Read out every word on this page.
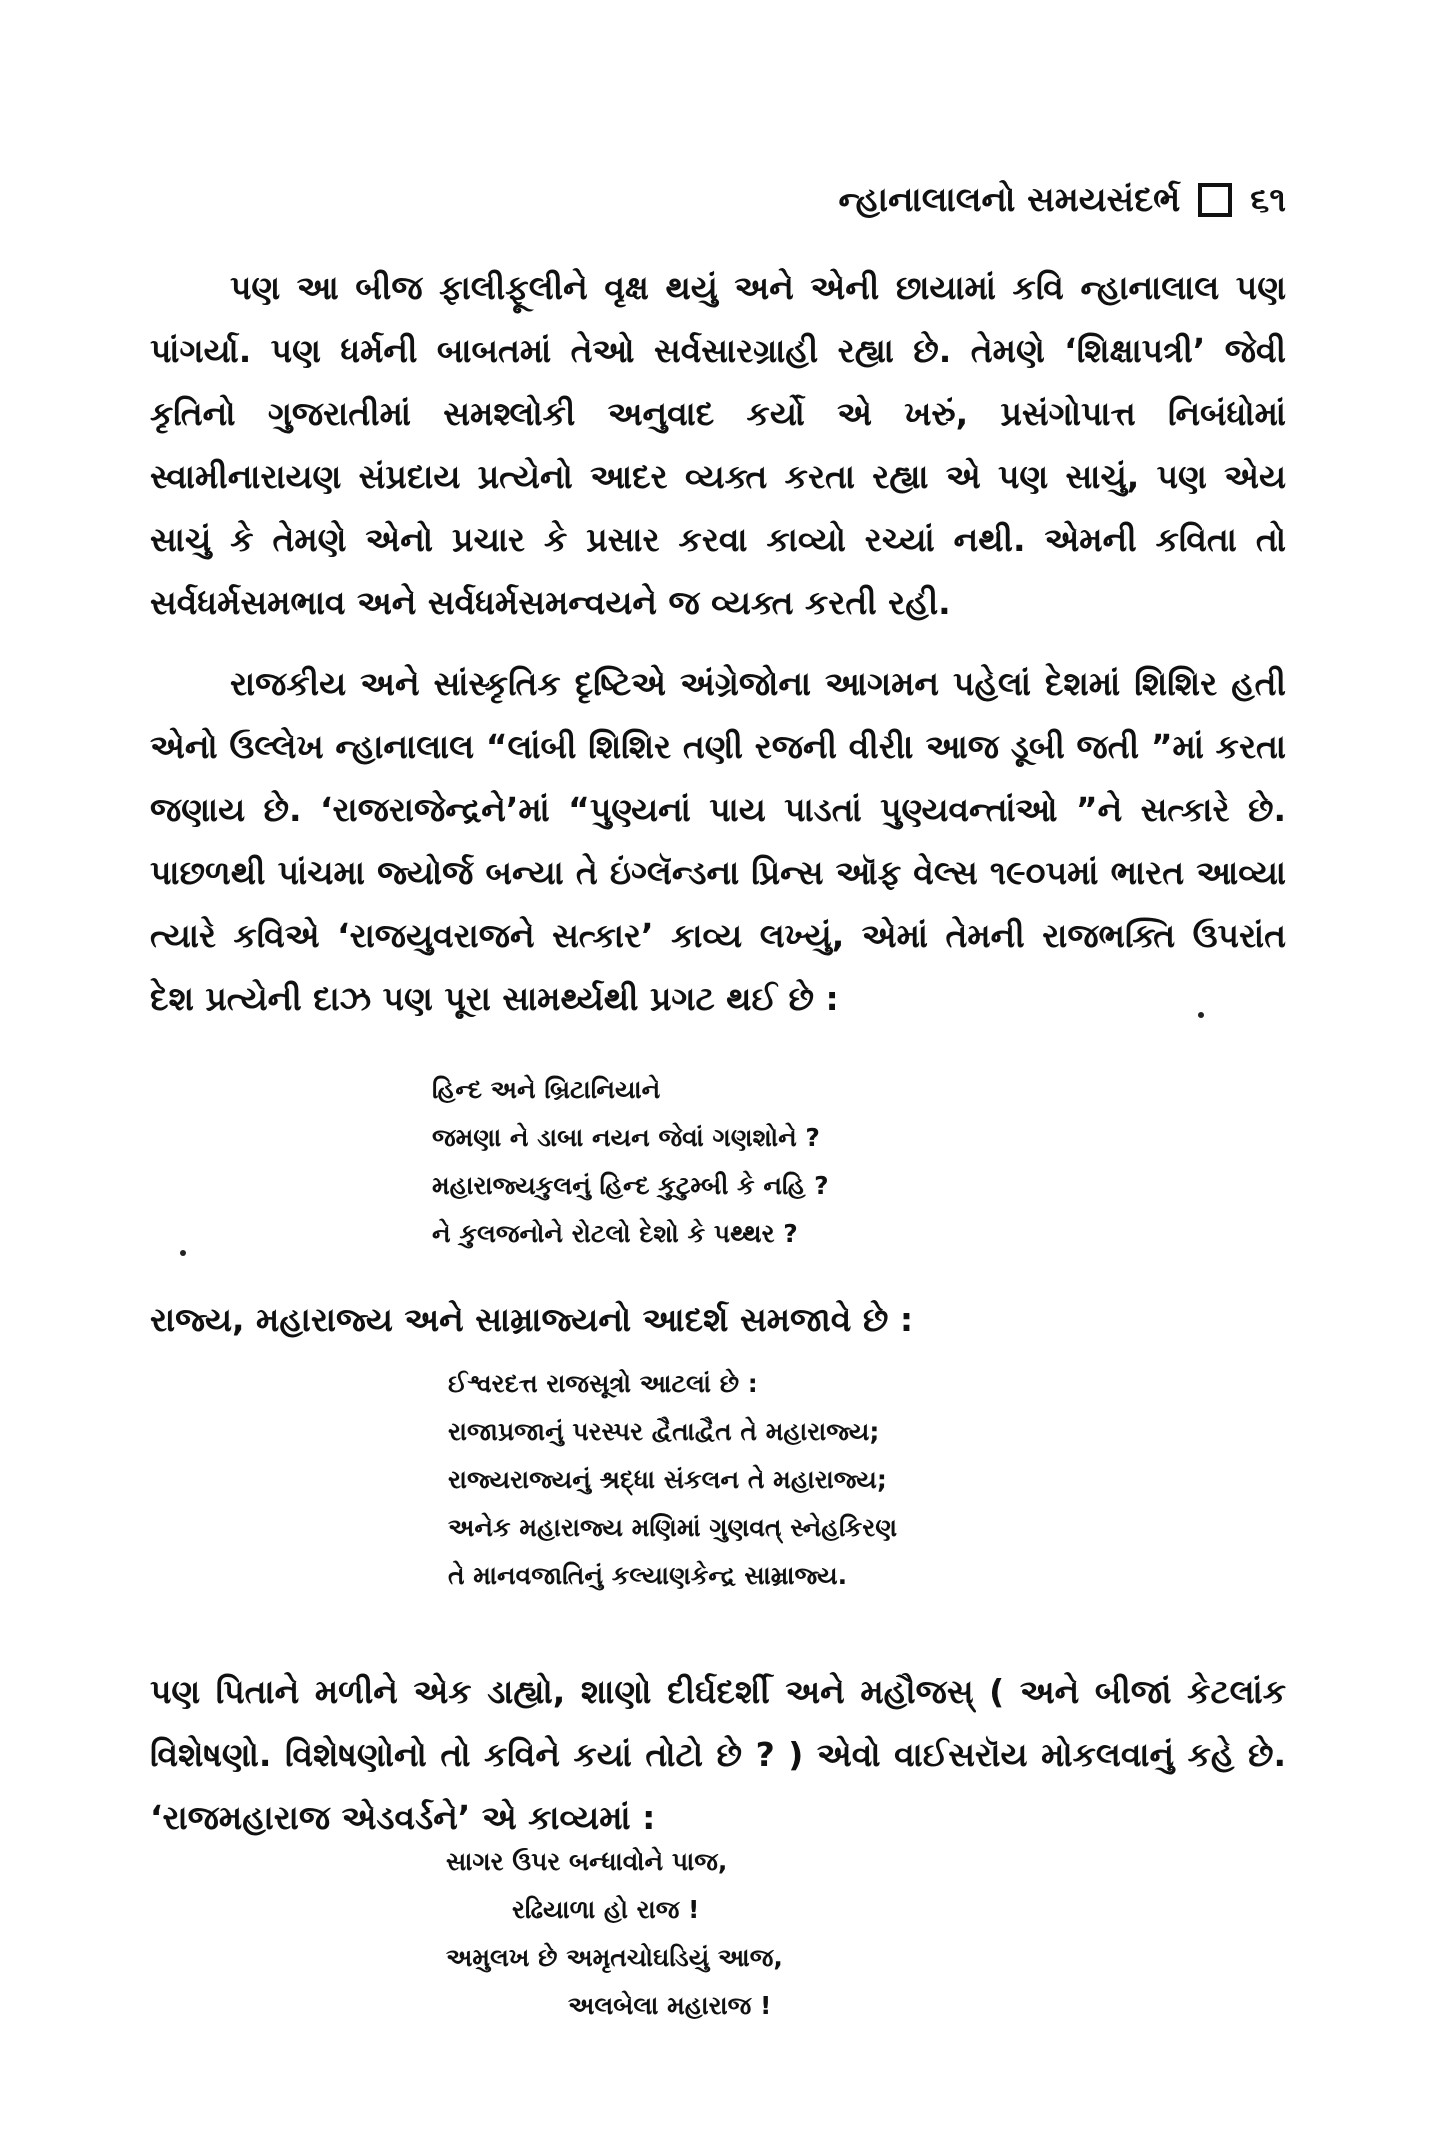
ન્હાનાલાલનો સમયસંદર્ભ ૬૧

પણ આ બીજ ફાલીફૂલીને વૃક્ષ થયું અને એની છાયામાં કવિ ન્હાનાલાલ પણ પાંગર્યા. પણ ધર્મની બાબતમાં તેઓ સર્વસારગ્રાહી રહ્યા છે. તેમણે ‘શિક્ષાપત્રી’ જેવી કૃતિનો ગુજરાતીમાં સમશ્લોકી અનુવાદ કર્યો એ ખરું, પ્રસંગોપાત્ત નિબંધોમાં સ્વામીનારાયણ સંપ્રદાય પ્રત્યેનો આદર વ્યક્ત કરતા રહ્યા એ પણ સાચું, પણ એય સાચું કે તેમણે એનો પ્રચાર કે પ્રસાર કરવા કાવ્યો રચ્યાં નથી. એમની કવિતા તો સર્વધર્મસમભાવ અને સર્વધર્મસમન્વયને જ વ્યક્ત કરતી રહી.

રાજકીય અને સાંસ્કૃતિક દૃષ્ટિએ અંગ્રેજોના આગમન પહેલાં દેશમાં શિશિર હતી એનો ઉલ્લેખ ન્હાનાલાલ “લાંબી શિશિર તણી રજની વીરી। આજ ડૂબી જતી ”માં કરતા જણાય છે. ‘રાજરાજેન્દ્રને’માં “પુણ્યનાં પાય પાડતાં પુણ્યવન્તાંઓ ”ને સત્કારે છે. પાછળથી પાંચમા જ્યોર્જ બન્યા તે ઇંગ્લૅન્ડના પ્રિન્સ ઑફ વેલ્સ ૧૯૦૫માં ભારત આવ્યા ત્યારે કવિએ ‘રાજયુવરાજને સત્કાર’ કાવ્ય લખ્યું, એમાં તેમની રાજભક્તિ ઉપરાંત દેશ પ્રત્યેની દાઝ પણ પૂરા સામર્થ્યથી પ્રગટ થઈ છે :

હિન્દ અને બ્રિટાનિયાને
જમણા ને ડાબા નયન જેવાં ગણશોને ?
મહારાજ્યકુલનું હિન્દ કુટુમ્બી કે નહિ ?
ને કુલજનોને રોટલો દેશો કે પથ્થર ?

રાજ્ય, મહારાજ્ય અને સામ્રાજ્યનો આદર્શ સમજાવે છે :

ઈશ્વરદત્ત રાજસૂત્રો આટલાં છે :
રાજાપ્રજાનું પરસ્પર દ્વૈતાદ્વૈત તે મહારાજ્ય;
રાજ્યરાજ્યનું શ્રદ્ધા સંકલન તે મહારાજ્ય;
અનેક મહારાજ્ય મણિમાં ગુણવત્ સ્નેહકિરણ
તે માનવજાતિનું કલ્યાણકેન્દ્ર સામ્રાજ્ય.

પણ પિતાને મળીને એક ડાહ્યો, શાણો દીર્ઘદર્શી અને મહૌજસ્ ( અને બીજાં કેટલાંક વિશેષણો. વિશેષણોનો તો કવિને કયાં તોટો છે ? ) એવો વાઈસરૉય મોકલવાનું કહે છે. ‘રાજમહારાજ એડવર્ડને’ એ કાવ્યમાં :

સાગર ઉપર બન્ધાવોને પાજ,
રઢિયાળા હો રાજ !
અમુલખ છે અમૃતચોઘડિયું આજ,
અલબેલા મહારાજ !
